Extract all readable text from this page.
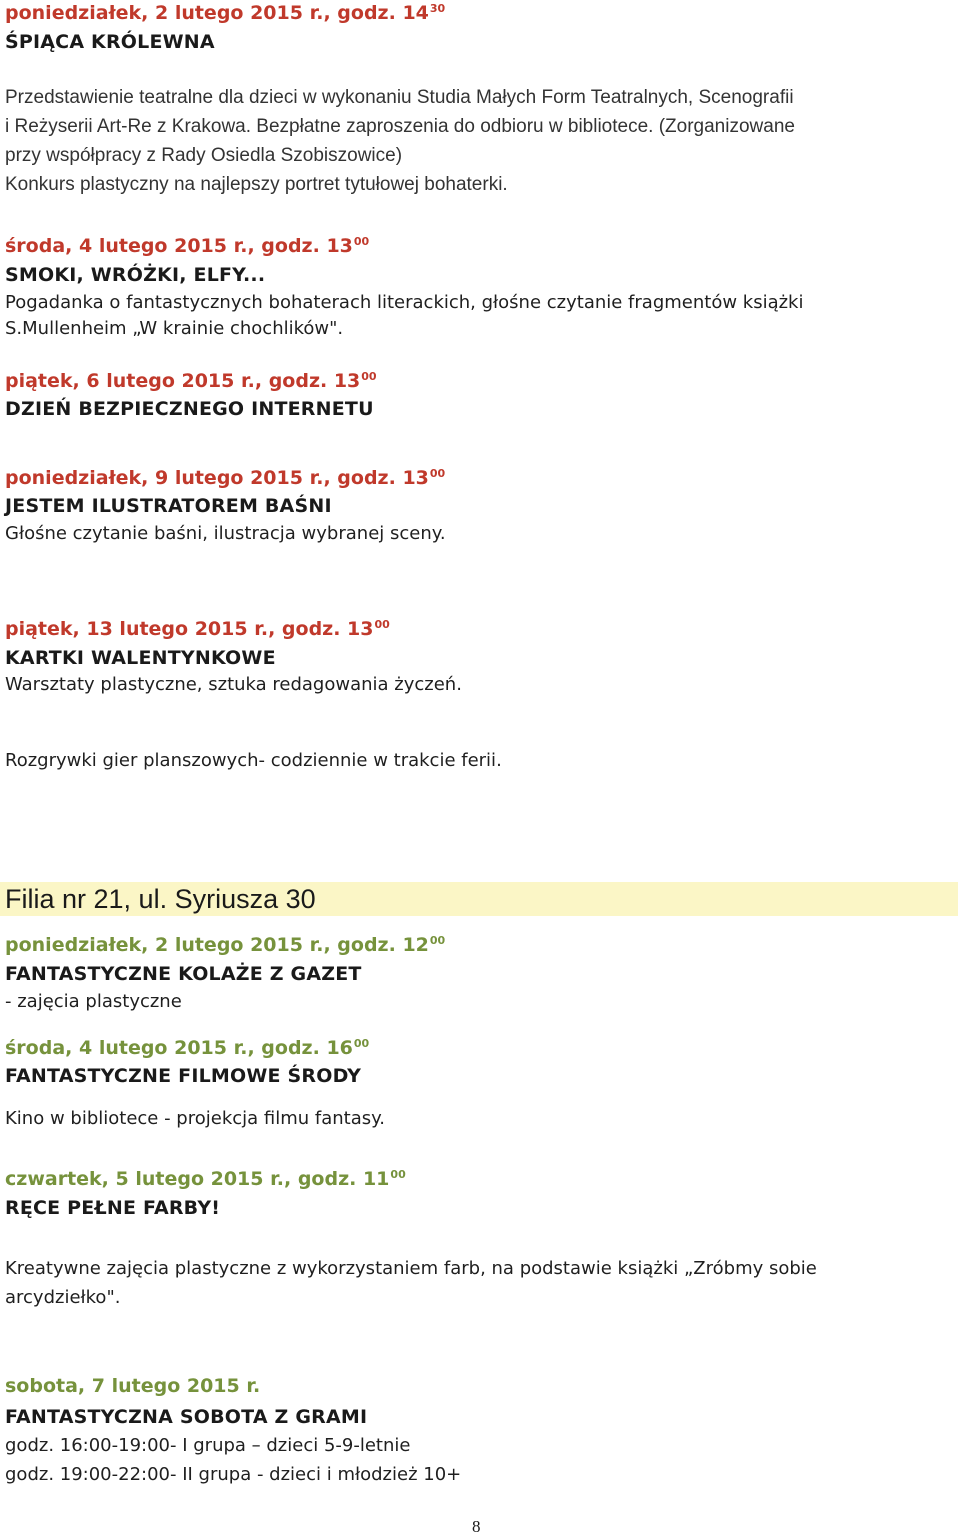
poniedziałek, 2 lutego 2015 r., godz. $14^{30}$
ŚPIĄCA KRÓLEWNA
Przedstawienie teatralne dla dzieci w wykonaniu Studia Małych Form Teatralnych, Scenografii
i Reżyserii Art-Re z Krakowa. Bezpłatne zaproszenia do odbioru w bibliotece. (Zorganizowane
przy współpracy z Rady Osiedla Szobiszowice)
Konkurs plastyczny na najlepszy portret tytułowej bohaterki.
środa, 4 lutego 2015 r., godz. $13^{00}$
SMOKI, WRÓŻKI, ELFY...
Pogadanka o fantastycznych bohaterach literackich, głośne czytanie fragmentów książki
S.Mullenheim „W krainie chochlików".
piątek, 6 lutego 2015 r., godz. $13^{00}$
DZIEŃ BEZPIECZNEGO INTERNETU
poniedziałek, 9 lutego 2015 r., godz. $13^{00}$
JESTEM ILUSTRATOREM BAŚNI
Głośne czytanie baśni, ilustracja wybranej sceny.
piątek, 13 lutego 2015 r., godz. $13^{00}$
KARTKI WALENTYNKOWE
Warsztaty plastyczne, sztuka redagowania życzeń.
Rozgrywki gier planszowych- codziennie w trakcie ferii.
Filia nr 21, ul. Syriusza 30
poniedziałek, 2 lutego 2015 r., godz. $12^{00}$
FANTASTYCZNE KOLAŻE Z GAZET
- zajęcia plastyczne
środa, 4 lutego 2015 r., godz. $16^{00}$
FANTASTYCZNE FILMOWE ŚRODY
Kino w bibliotece - projekcja filmu fantasy.
czwartek, 5 lutego 2015 r., godz. $11^{00}$
RĘCE PEŁNE FARBY!
Kreatywne zajęcia plastyczne z wykorzystaniem farb, na podstawie książki „Zróbmy sobie
arcydziełko".
sobota, 7 lutego 2015 r.
FANTASTYCZNA SOBOTA Z GRAMI
godz. 16:00-19:00- I grupa – dzieci 5-9-letnie
godz. 19:00-22:00- II grupa - dzieci i młodzież 10+
8
